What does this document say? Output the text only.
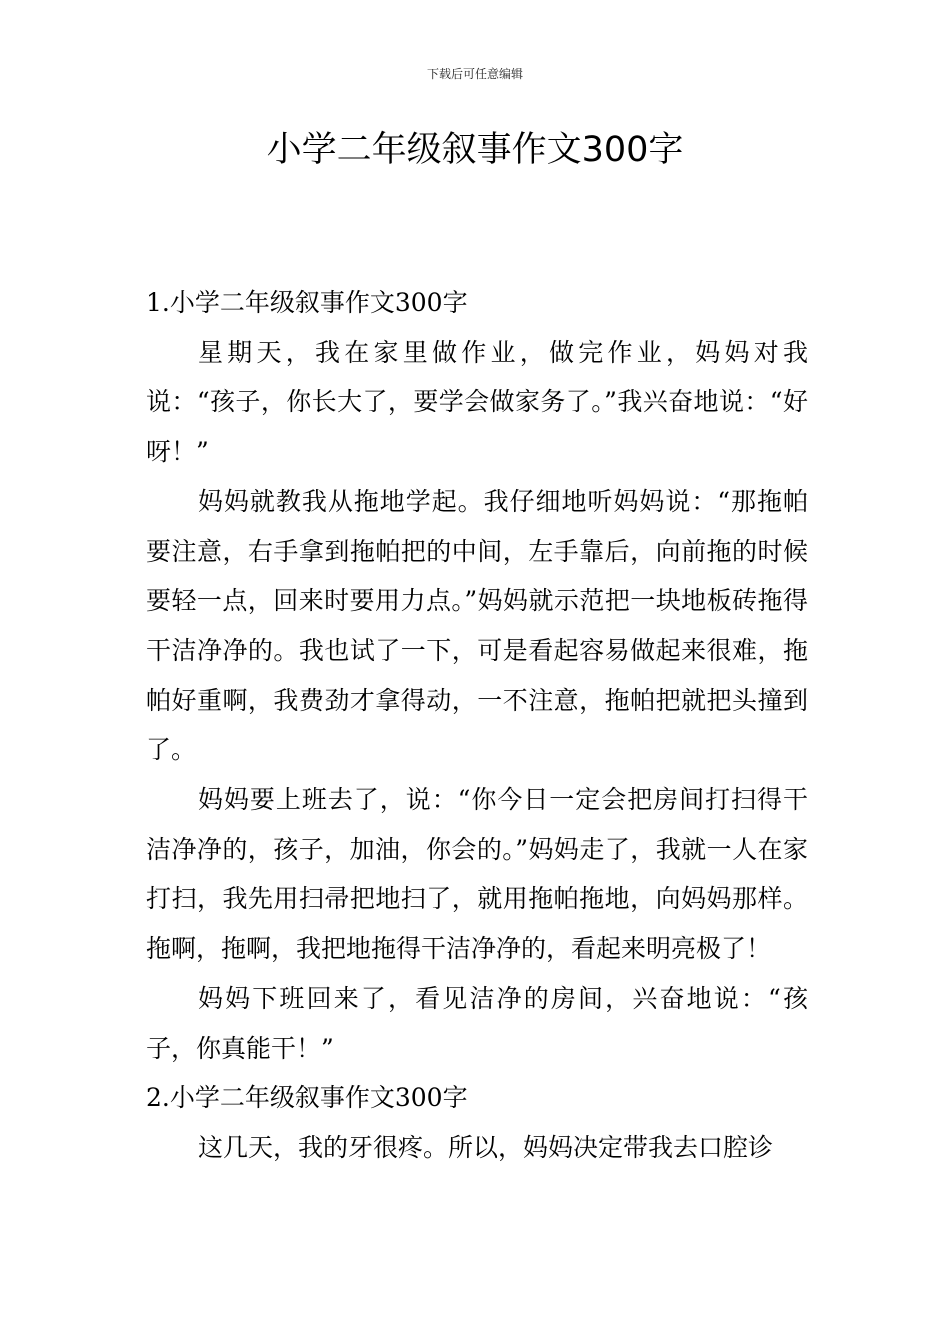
下载后可任意编辑
小学二年级叙事作文300字

1.小学二年级叙事作文300字

星期天，我在家里做作业，做完作业，妈妈对我说：“孩子，你长大了，要学会做家务了。”我兴奋地说：“好呀！”

妈妈就教我从拖地学起。我仔细地听妈妈说：“那拖帕要注意，右手拿到拖帕把的中间，左手靠后，向前拖的时候要轻一点，回来时要用力点。”妈妈就示范把一块地板砖拖得干洁净净的。我也试了一下，可是看起容易做起来很难，拖帕好重啊，我费劲才拿得动，一不注意，拖帕把就把头撞到了。

妈妈要上班去了，说：“你今日一定会把房间打扫得干洁净净的，孩子，加油，你会的。”妈妈走了，我就一人在家打扫，我先用扫帚把地扫了，就用拖帕拖地，向妈妈那样。拖啊，拖啊，我把地拖得干洁净净的，看起来明亮极了！

妈妈下班回来了，看见洁净的房间，兴奋地说：“孩子，你真能干！”

2.小学二年级叙事作文300字

这几天，我的牙很疼。所以，妈妈决定带我去口腔诊
